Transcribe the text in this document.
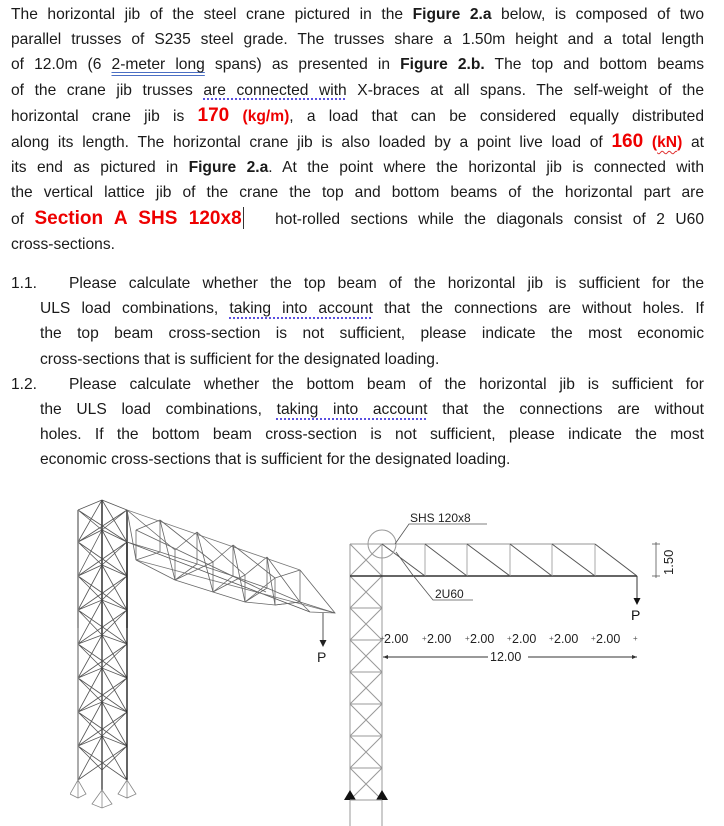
The horizontal jib of the steel crane pictured in the Figure 2.a below, is composed of two
parallel trusses of S235 steel grade. The trusses share a 1.50m height and a total length
of 12.0m (6 2-meter long spans) as presented in Figure 2.b. The top and bottom beams
of the crane jib trusses are connected with X-braces at all spans. The self-weight of the
horizontal crane jib is 170 (kg/m), a load that can be considered equally distributed
along its length. The horizontal crane jib is also loaded by a point live load of 160 (kN) at
its end as pictured in Figure 2.a. At the point where the horizontal jib is connected with
the vertical lattice jib of the crane the top and bottom beams of the horizontal part are
of Section A SHS 120x8   hot-rolled sections while the diagonals consist of 2 U60
cross-sections.
1.1.	Please calculate whether the top beam of the horizontal jib is sufficient for the
ULS load combinations, taking into account that the connections are without holes. If
the top beam cross-section is not sufficient, please indicate the most economic
cross-sections that is sufficient for the designated loading.
1.2.	Please calculate whether the bottom beam of the horizontal jib is sufficient for
the ULS load combinations, taking into account that the connections are without
holes. If the bottom beam cross-section is not sufficient, please indicate the most
economic cross-sections that is sufficient for the designated loading.
P
SHS 120x8
2U60
1.50
P
2.00 2.00 2.00 2.00 2.00 2.00
+	+	+	+	+	+	+
12.00
